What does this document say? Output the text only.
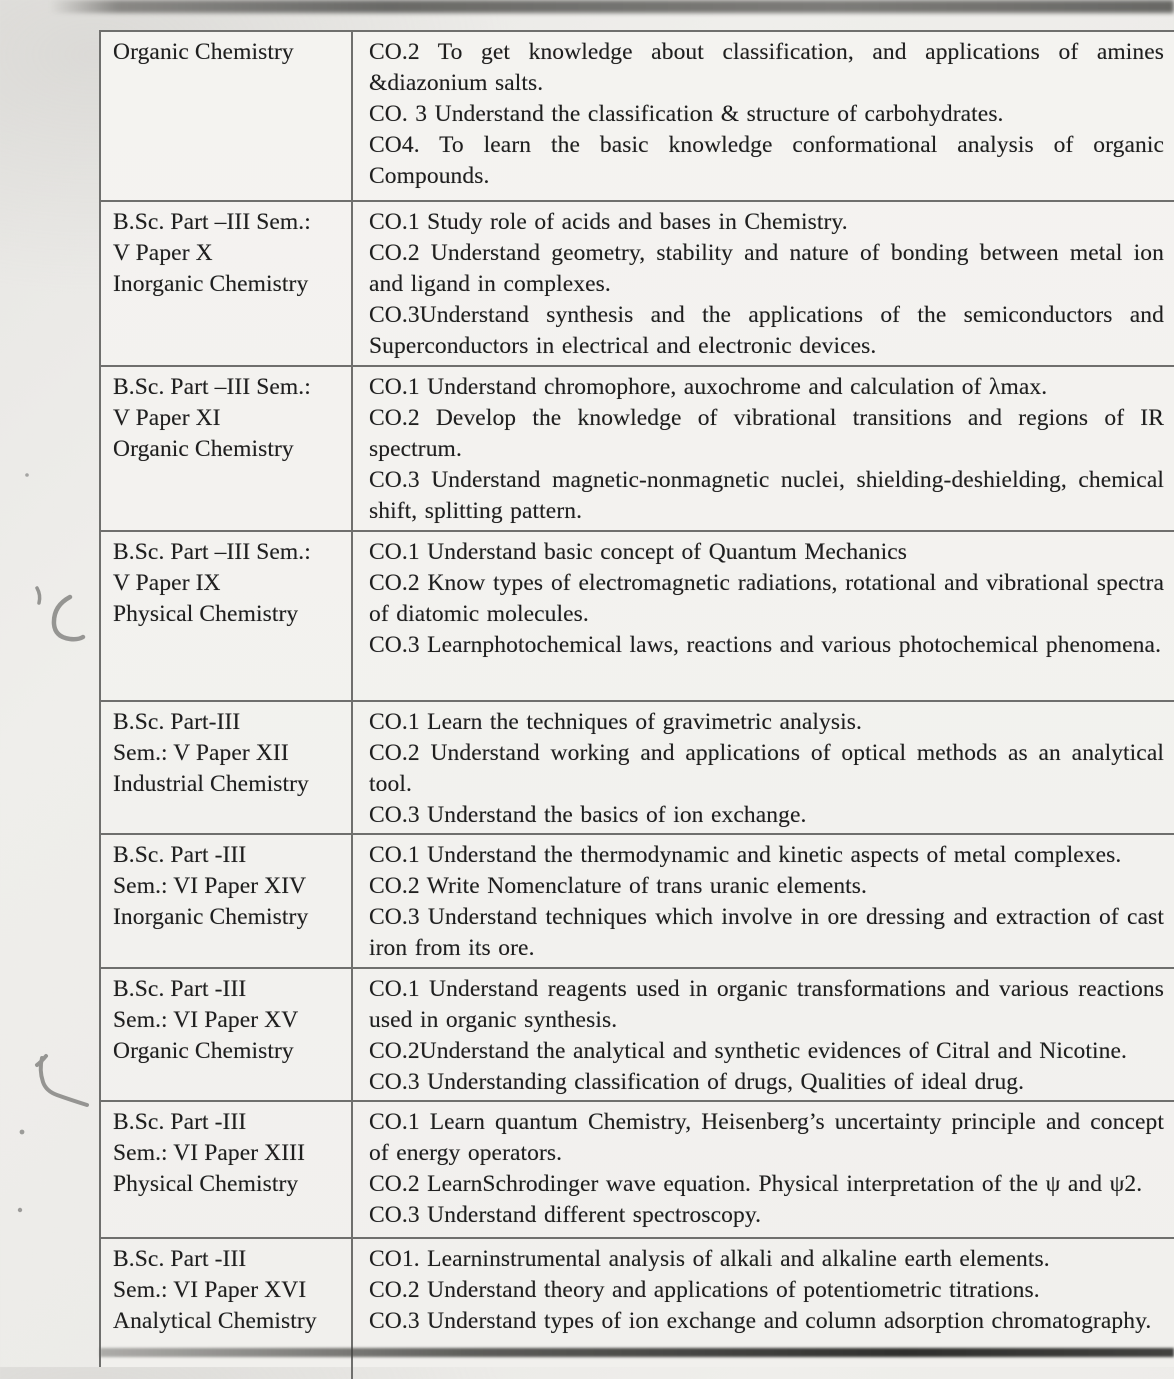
Organic Chemistry	CO.2 To get knowledge about classification, and applications of amines &diazonium salts.

CO. 3 Understand the classification & structure of carbohydrates.

CO4. To learn the basic knowledge conformational analysis of organic Compounds.

B.Sc. Part –III Sem.:
V Paper X
Inorganic Chemistry

CO.1 Study role of acids and bases in Chemistry.

CO.2 Understand geometry, stability and nature of bonding between metal ion and ligand in complexes.

CO.3Understand synthesis and the applications of the semiconductors and Superconductors in electrical and electronic devices.

B.Sc. Part –III Sem.:
V Paper XI
Organic Chemistry

CO.1 Understand chromophore, auxochrome and calculation of λmax.

CO.2 Develop the knowledge of vibrational transitions and regions of IR spectrum.

CO.3 Understand magnetic-nonmagnetic nuclei, shielding-deshielding, chemical shift, splitting pattern.

B.Sc. Part –III Sem.:
V Paper IX
Physical Chemistry

CO.1 Understand basic concept of Quantum Mechanics

CO.2 Know types of electromagnetic radiations, rotational and vibrational spectra of diatomic molecules.

CO.3 Learnphotochemical laws, reactions and various photochemical phenomena.

B.Sc. Part-III
Sem.: V Paper XII
Industrial Chemistry

CO.1 Learn the techniques of gravimetric analysis.

CO.2 Understand working and applications of optical methods as an analytical tool.

CO.3 Understand the basics of ion exchange.

B.Sc. Part -III
Sem.: VI Paper XIV
Inorganic Chemistry

CO.1 Understand the thermodynamic and kinetic aspects of metal complexes.

CO.2 Write Nomenclature of trans uranic elements.

CO.3 Understand techniques which involve in ore dressing and extraction of cast iron from its ore.

B.Sc. Part -III
Sem.: VI Paper XV
Organic Chemistry

CO.1 Understand reagents used in organic transformations and various reactions used in organic synthesis.

CO.2Understand the analytical and synthetic evidences of Citral and Nicotine.

CO.3 Understanding classification of drugs, Qualities of ideal drug.

B.Sc. Part -III
Sem.: VI Paper XIII
Physical Chemistry

CO.1 Learn quantum Chemistry, Heisenberg’s uncertainty principle and concept of energy operators.

CO.2 LearnSchrodinger wave equation. Physical interpretation of the ψ and ψ2.

CO.3 Understand different spectroscopy.

B.Sc. Part -III
Sem.: VI Paper XVI
Analytical Chemistry

CO1. Learninstrumental analysis of alkali and alkaline earth elements.

CO.2 Understand theory and applications of potentiometric titrations.

CO.3 Understand types of ion exchange and column adsorption chromatography.
